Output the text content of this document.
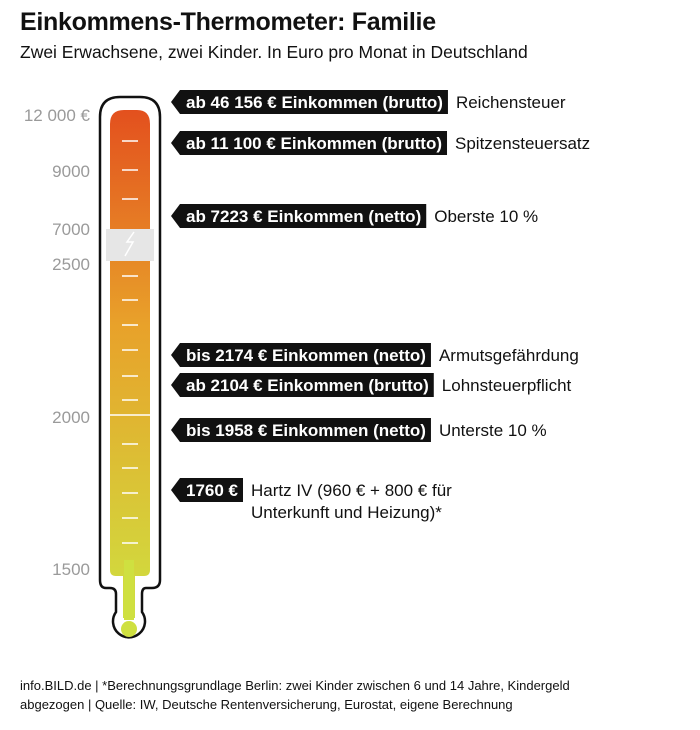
Einkommens-Thermometer: Familie
Zwei Erwachsene, zwei Kinder. In Euro pro Monat in Deutschland
12 000 €
9000
7000
2500
2000
1500
ab 46 156 € Einkommen (brutto) Reichensteuer
ab 11 100 € Einkommen (brutto) Spitzensteuersatz
ab 7223 € Einkommen (netto) Oberste 10 %
bis 2174 € Einkommen (netto) Armutsgefährdung
ab 2104 € Einkommen (brutto) Lohnsteuerpflicht
bis 1958 € Einkommen (netto) Unterste 10 %
1760 € Hartz IV (960 € + 800 € für
Unterkunft und Heizung)*
info.BILD.de | *Berechnungsgrundlage Berlin: zwei Kinder zwischen 6 und 14 Jahre, Kindergeld
abgezogen | Quelle: IW, Deutsche Rentenversicherung, Eurostat, eigene Berechnung
